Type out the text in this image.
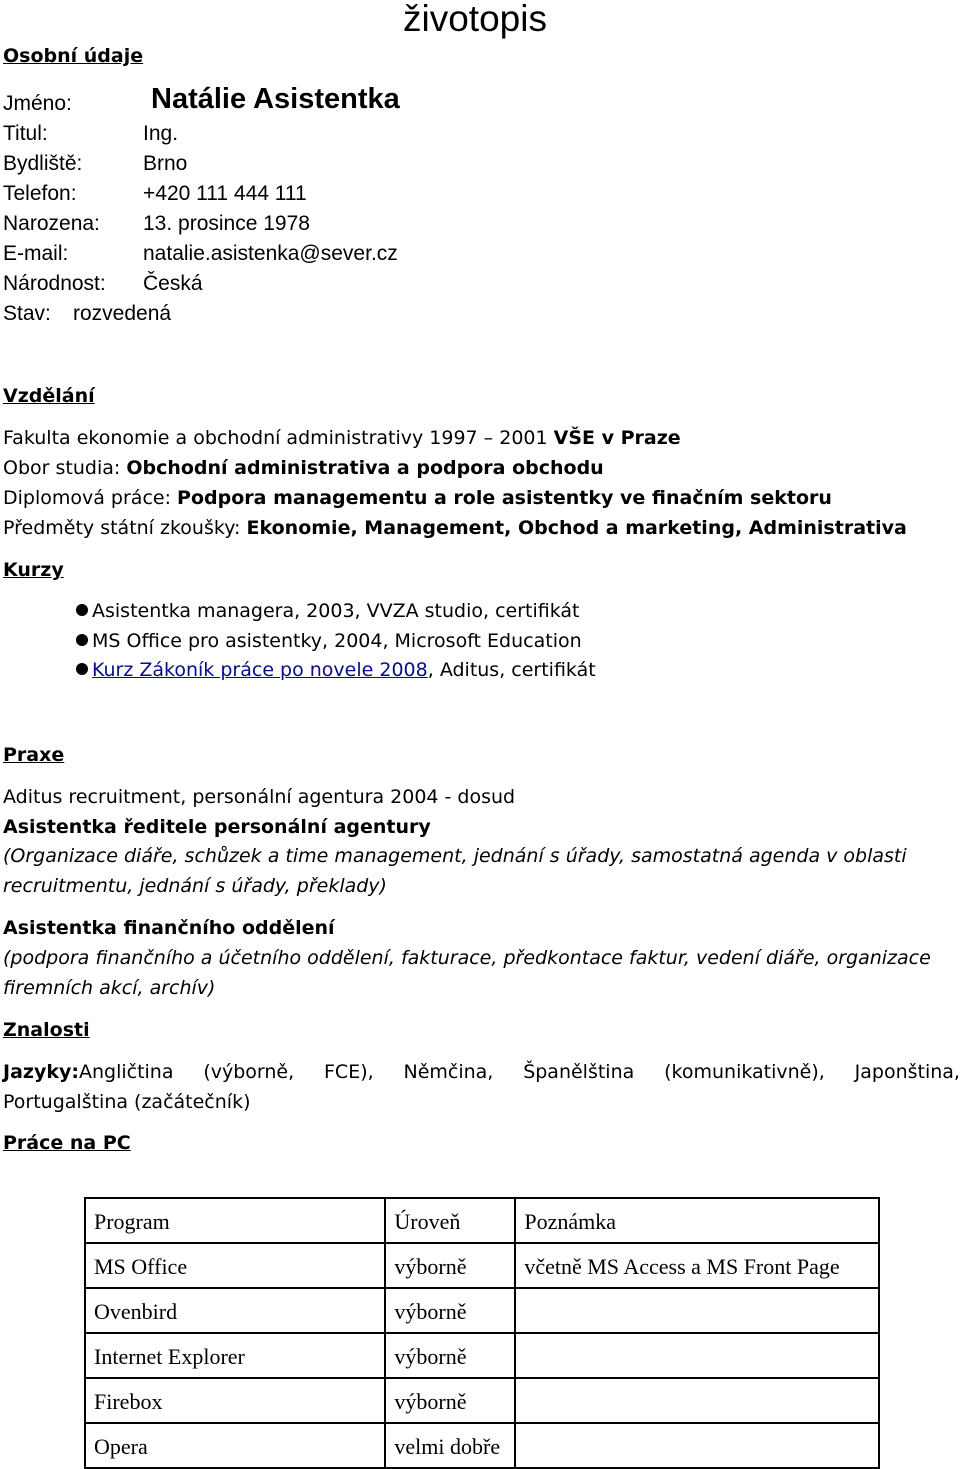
životopis
Osobní údaje
Jméno:	Natálie Asistentka
Titul:	Ing.
Bydliště:	Brno
Telefon:	+420 111 444 111
Narozena: 13. prosince 1978
E-mail:	natalie.asistenka@sever.cz
Národnost: Česká
Stav: rozvedená
Vzdělání
Fakulta ekonomie a obchodní administrativy 1997 – 2001 VŠE v Praze
Obor studia: Obchodní administrativa a podpora obchodu
Diplomová práce: Podpora managementu a role asistentky ve finačním sektoru
Předměty státní zkoušky: Ekonomie, Management, Obchod a marketing, Administrativa
Kurzy
Asistentka managera, 2003, VVZA studio, certifikát
MS Office pro asistentky, 2004, Microsoft Education
Kurz Zákoník práce po novele 2008, Aditus, certifikát
Praxe
Aditus recruitment, personální agentura 2004 - dosud
Asistentka ředitele personální agentury
(Organizace diáře, schůzek a time management, jednání s úřady, samostatná agenda v oblasti
recruitmentu, jednání s úřady, překlady)
Asistentka finančního oddělení
(podpora finančního a účetního oddělení, fakturace, předkontace faktur, vedení diáře, organizace
firemních akcí, archív)
Znalosti
Jazyky:Angličtina (výborně, FCE), Němčina, Španělština (komunikativně), Japonština,
Portugalština (začátečník)
Práce na PC
Program	Úroveň	Poznámka
MS Office	výborně	včetně MS Access a MS Front Page
Ovenbird	výborně	
Internet Explorer	výborně	
Firebox	výborně	
Opera	velmi dobře	
